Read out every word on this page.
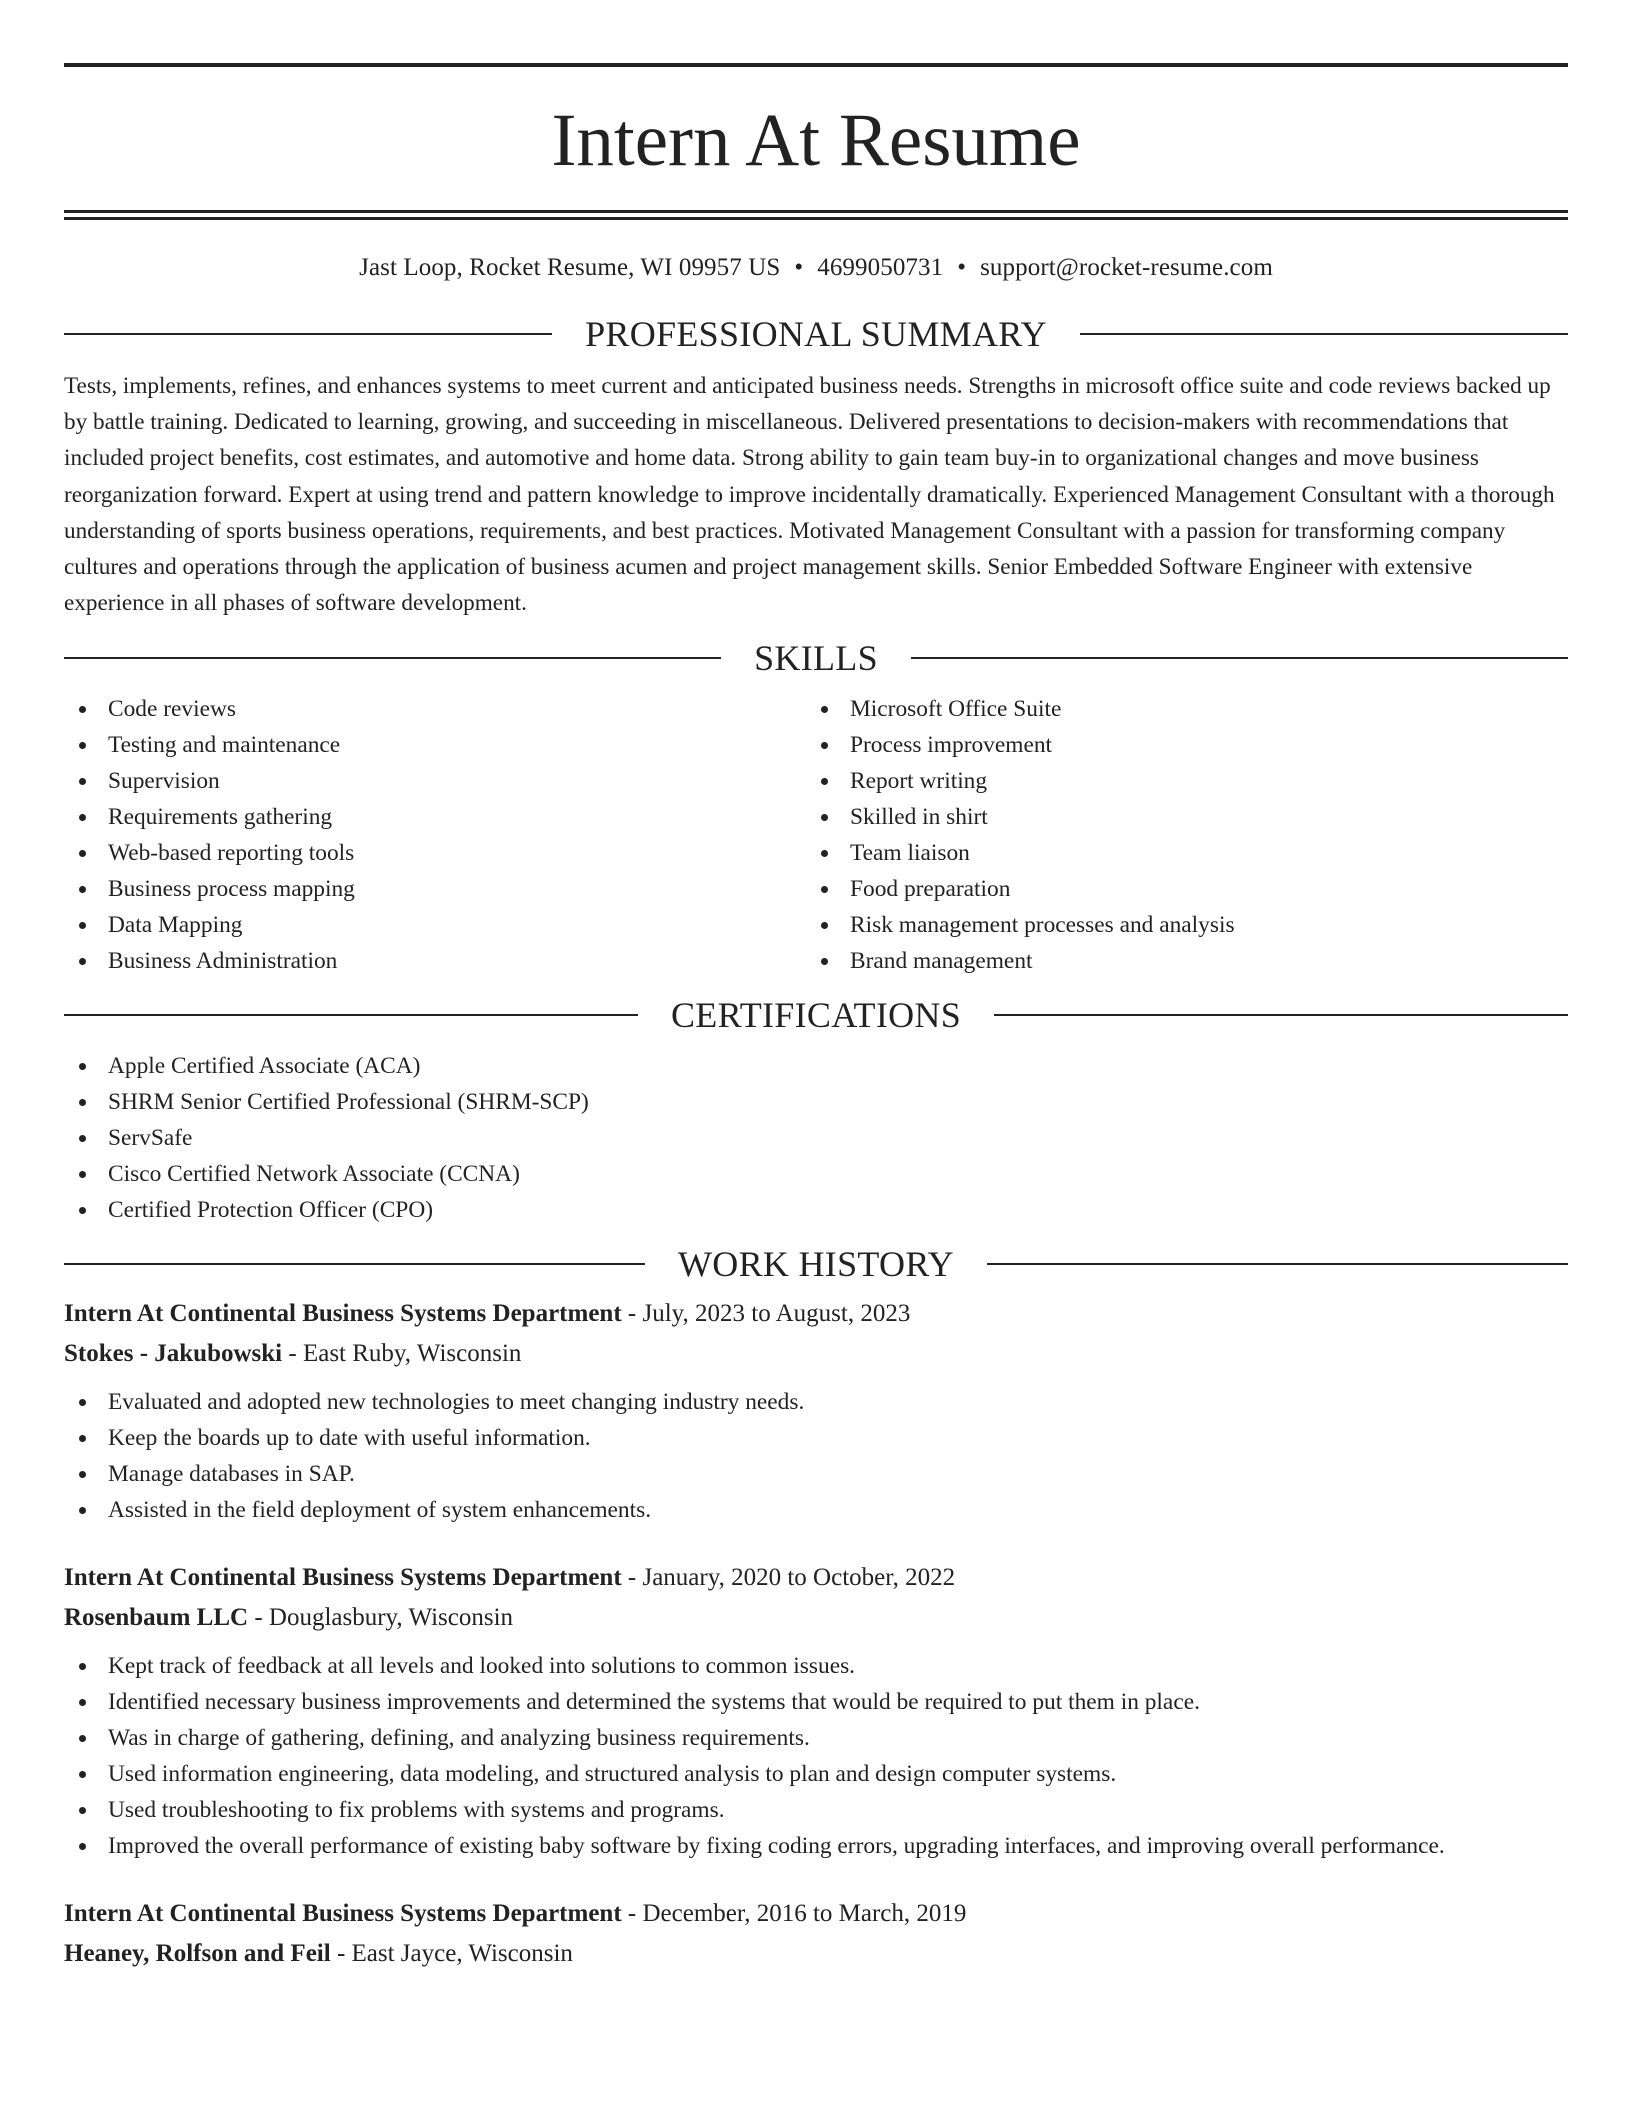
Intern At Resume
Jast Loop, Rocket Resume, WI 09957 US • 4699050731 • support@rocket-resume.com
PROFESSIONAL SUMMARY
Tests, implements, refines, and enhances systems to meet current and anticipated business needs. Strengths in microsoft office suite and code reviews backed up by battle training. Dedicated to learning, growing, and succeeding in miscellaneous. Delivered presentations to decision-makers with recommendations that included project benefits, cost estimates, and automotive and home data. Strong ability to gain team buy-in to organizational changes and move business reorganization forward. Expert at using trend and pattern knowledge to improve incidentally dramatically. Experienced Management Consultant with a thorough understanding of sports business operations, requirements, and best practices. Motivated Management Consultant with a passion for transforming company cultures and operations through the application of business acumen and project management skills. Senior Embedded Software Engineer with extensive experience in all phases of software development.
SKILLS
Code reviews
Testing and maintenance
Supervision
Requirements gathering
Web-based reporting tools
Business process mapping
Data Mapping
Business Administration
Microsoft Office Suite
Process improvement
Report writing
Skilled in shirt
Team liaison
Food preparation
Risk management processes and analysis
Brand management
CERTIFICATIONS
Apple Certified Associate (ACA)
SHRM Senior Certified Professional (SHRM-SCP)
ServSafe
Cisco Certified Network Associate (CCNA)
Certified Protection Officer (CPO)
WORK HISTORY
Intern At Continental Business Systems Department - July, 2023 to August, 2023
Stokes - Jakubowski - East Ruby, Wisconsin
Evaluated and adopted new technologies to meet changing industry needs.
Keep the boards up to date with useful information.
Manage databases in SAP.
Assisted in the field deployment of system enhancements.
Intern At Continental Business Systems Department - January, 2020 to October, 2022
Rosenbaum LLC - Douglasbury, Wisconsin
Kept track of feedback at all levels and looked into solutions to common issues.
Identified necessary business improvements and determined the systems that would be required to put them in place.
Was in charge of gathering, defining, and analyzing business requirements.
Used information engineering, data modeling, and structured analysis to plan and design computer systems.
Used troubleshooting to fix problems with systems and programs.
Improved the overall performance of existing baby software by fixing coding errors, upgrading interfaces, and improving overall performance.
Intern At Continental Business Systems Department - December, 2016 to March, 2019
Heaney, Rolfson and Feil - East Jayce, Wisconsin
